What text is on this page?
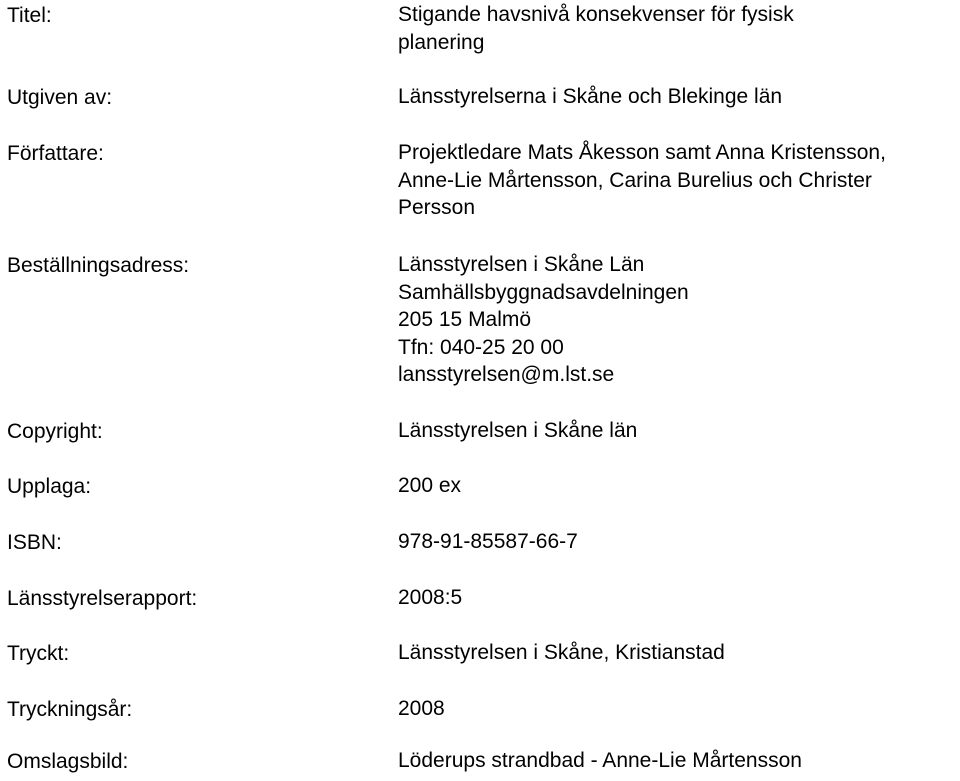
Titel:	Stigande havsnivå konsekvenser för fysisk
planering
Utgiven av:	Länsstyrelserna i Skåne och Blekinge län
Författare:	Projektledare Mats Åkesson samt Anna Kristensson,
Anne-Lie Mårtensson, Carina Burelius och Christer
Persson
Beställningsadress:	Länsstyrelsen i Skåne Län
Samhällsbyggnadsavdelningen
205 15 Malmö
Tfn: 040-25 20 00
lansstyrelsen@m.lst.se
Copyright:	Länsstyrelsen i Skåne län
Upplaga:	200 ex
ISBN:	978-91-85587-66-7
Länsstyrelserapport:	2008:5
Tryckt:	Länsstyrelsen i Skåne, Kristianstad
Tryckningsår:	2008
Omslagsbild:	Löderups strandbad - Anne-Lie Mårtensson
